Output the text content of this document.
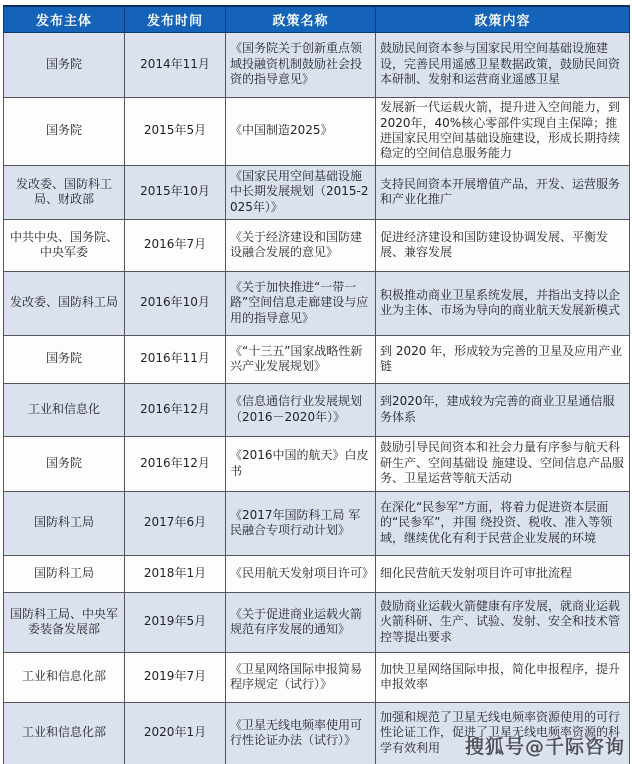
发布主体	发布时间	政策名称	政策内容
国务院	2014年11月	《国务院关于创新重点领域投融资机制鼓励社会投资的指导意见》	鼓励民间资本参与国家民用空间基础设施建设，完善民用遥感卫星数据政策，鼓励民间资本研制、发射和运营商业遥感卫星
国务院	2015年5月	《中国制造2025》	发展新一代运载火箭，提升进入空间能力，到2020年，40%核心零部件实现自主保障；推进国家民用空间基础设施建设，形成长期持续稳定的空间信息服务能力
发改委、国防科工局、财政部	2015年10月	《国家民用空间基础设施中长期发展规划（2015-2025年）》	支持民间资本开展增值产品，开发、运营服务和产业化推广
中共中央、国务院、中央军委	2016年7月	《关于经济建设和国防建设融合发展的意见》	促进经济建设和国防建设协调发展、平衡发展、兼容发展
发改委、国防科工局	2016年10月	《关于加快推进“一带一路”空间信息走廊建设与应用的指导意见》	积极推动商业卫星系统发展，并指出支持以企业为主体、市场为导向的商业航天发展新模式
国务院	2016年11月	《“十三五”国家战略性新兴产业发展规划》	到 2020 年，形成较为完善的卫星及应用产业链
工业和信息化	2016年12月	《信息通信行业发展规划（2016－2020年）》	到2020年，建成较为完善的商业卫星通信服务体系
国务院	2016年12月	《2016中国的航天》白皮书	鼓励引导民间资本和社会力量有序参与航天科研生产、空间基础设 施建设、空间信息产品服务、卫星运营等航天活动
国防科工局	2017年6月	《2017年国防科工局 军民融合专项行动计划》	在深化“民参军”方面，将着力促进资本层面的“民参军”，并围 绕投资、税收、准入等领域，继续优化有利于民营企业发展的环境
国防科工局	2018年1月	《民用航天发射项目许可》	细化民营航天发射项目许可审批流程
国防科工局、中央军委装备发展部	2019年5月	《关于促进商业运载火箭规范有序发展的通知》	鼓励商业运载火箭健康有序发展，就商业运载火箭科研、生产、试验、发射、安全和技术管控等提出要求
工业和信息化部	2019年7月	《卫星网络国际申报简易程序规定（试行）》	加快卫星网络国际申报，简化申报程序，提升申报效率
工业和信息化部	2020年1月	《卫星无线电频率使用可行性论证办法（试行）》	加强和规范了卫星无线电频率资源使用的可行性论证工作，促进了卫星无线电频率资源的科学有效利用 搜狐号@千际咨询
